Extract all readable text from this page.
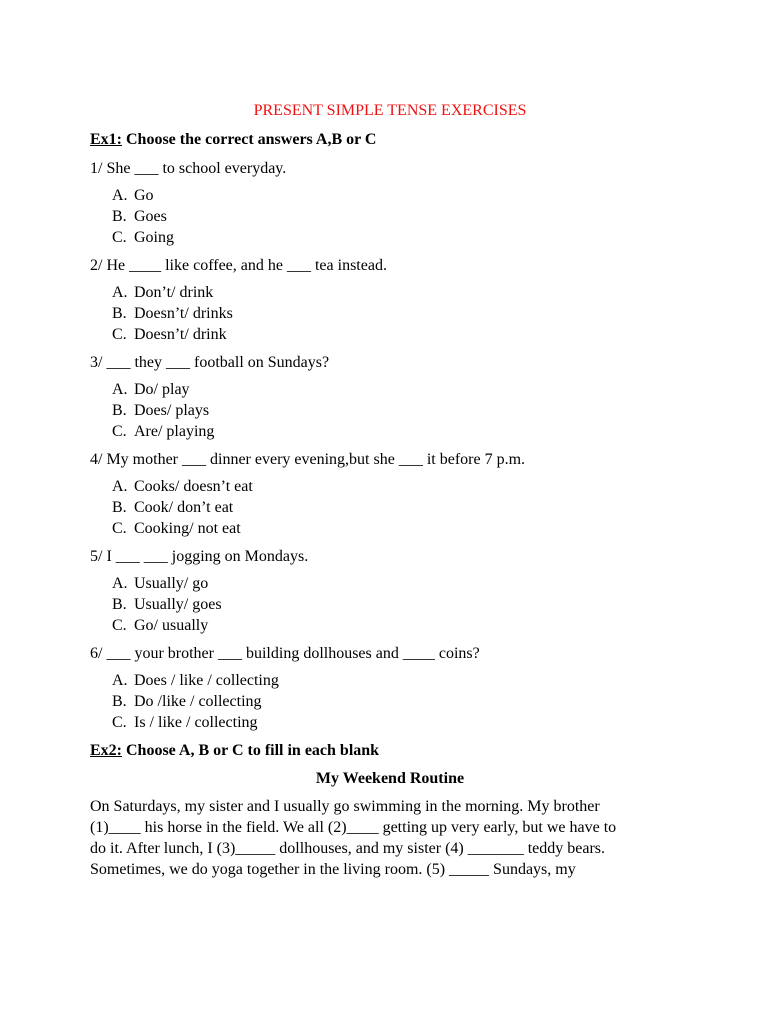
PRESENT SIMPLE TENSE EXERCISES
Ex1: Choose the correct answers A,B or C
1/ She ___ to school everyday.
A. Go
B. Goes
C. Going
2/ He ____ like coffee, and he ___ tea instead.
A. Don’t/ drink
B. Doesn’t/ drinks
C. Doesn’t/ drink
3/ ___ they ___ football on Sundays?
A. Do/ play
B. Does/ plays
C. Are/ playing
4/ My mother ___ dinner every evening,but she ___ it before 7 p.m.
A. Cooks/ doesn’t eat
B. Cook/ don’t eat
C. Cooking/ not eat
5/ I ___ ___ jogging on Mondays.
A. Usually/ go
B. Usually/ goes
C. Go/ usually
6/ ___ your brother ___ building dollhouses and ____ coins?
A. Does / like / collecting
B. Do /like / collecting
C. Is / like / collecting
Ex2: Choose A, B or C to fill in each blank
My Weekend Routine
On Saturdays, my sister and I usually go swimming in the morning. My brother
(1)____ his horse in the field. We all (2)____ getting up very early, but we have to
do it. After lunch, I (3)_____ dollhouses, and my sister (4) _______ teddy bears.
Sometimes, we do yoga together in the living room. (5) _____ Sundays, my
